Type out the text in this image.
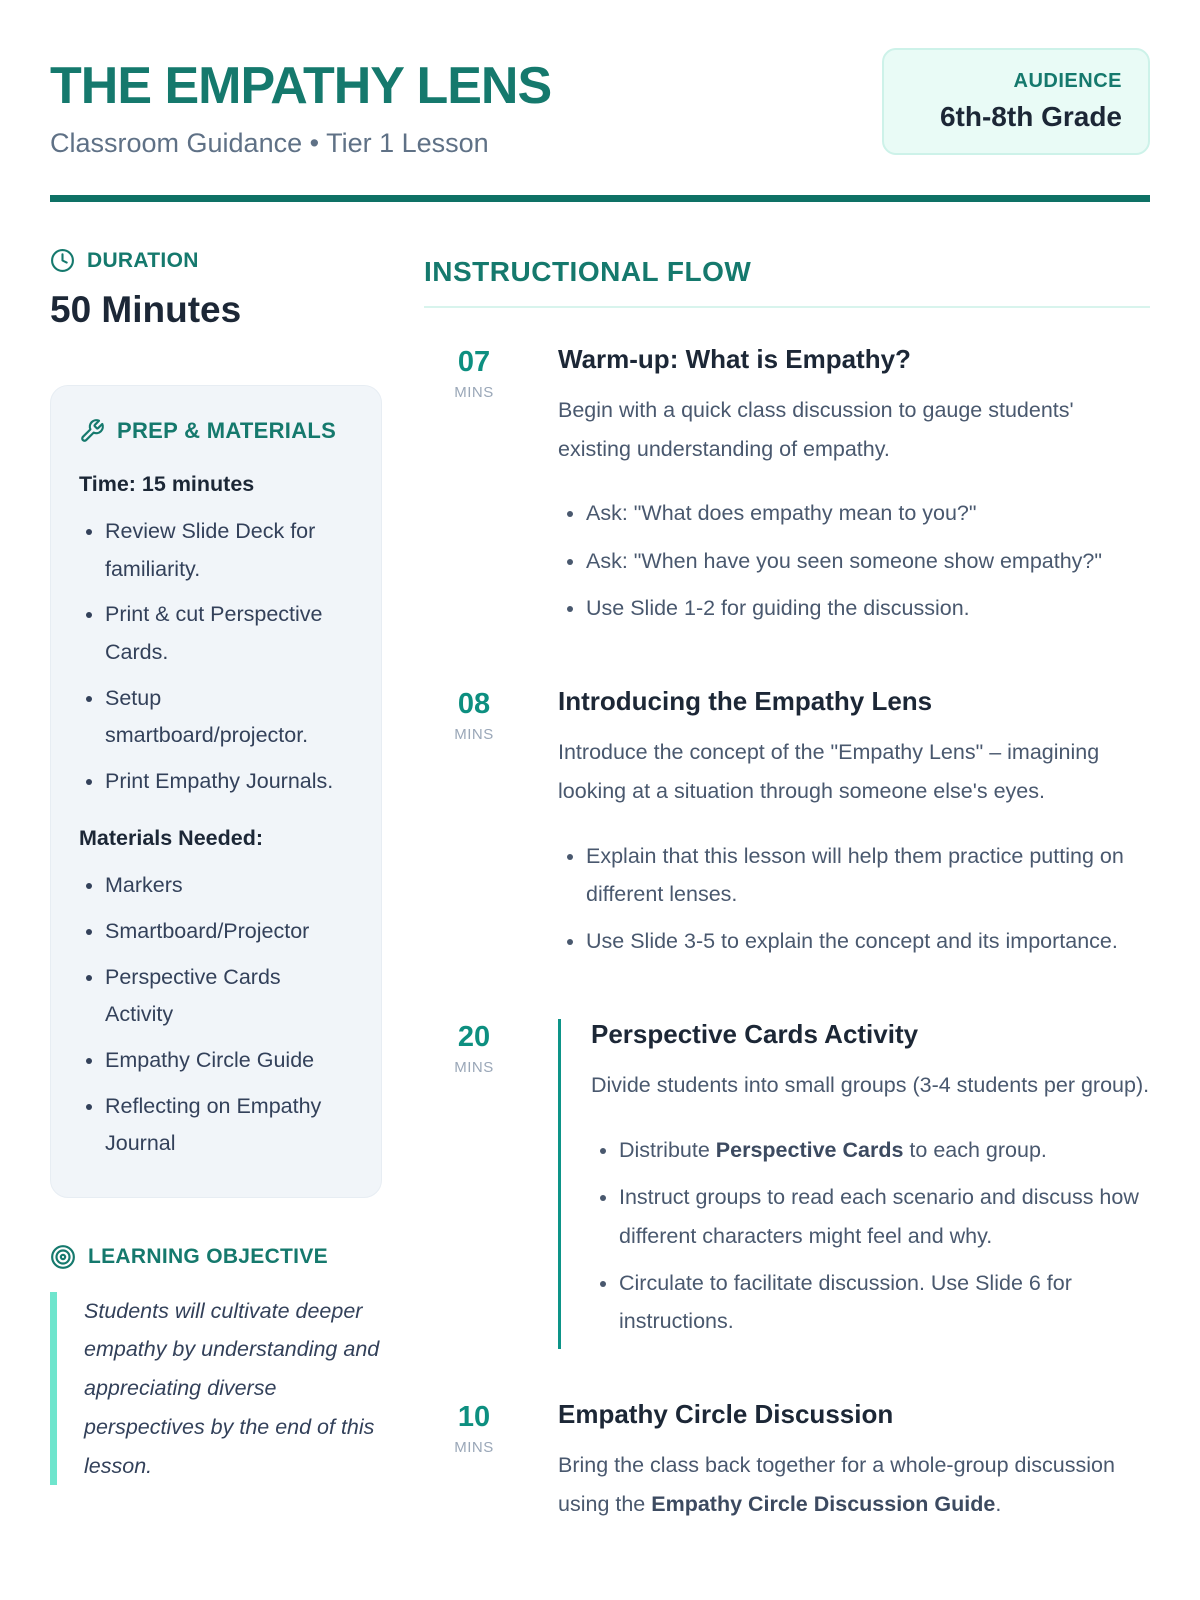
THE EMPATHY LENS
Classroom Guidance • Tier 1 Lesson
AUDIENCE
6th-8th Grade
DURATION
50 Minutes
PREP & MATERIALS
Time: 15 minutes
• Review Slide Deck for familiarity.
• Print & cut Perspective Cards.
• Setup smartboard/projector.
• Print Empathy Journals.
Materials Needed:
• Markers
• Smartboard/Projector
• Perspective Cards Activity
• Empathy Circle Guide
• Reflecting on Empathy Journal
LEARNING OBJECTIVE
Students will cultivate deeper empathy by understanding and appreciating diverse perspectives by the end of this lesson.
INSTRUCTIONAL FLOW
07
MINS
Warm-up: What is Empathy?

Begin with a quick class discussion to gauge students' existing understanding of empathy.

• Ask: "What does empathy mean to you?"
• Ask: "When have you seen someone show empathy?"
• Use Slide 1-2 for guiding the discussion.
08
MINS
Introducing the Empathy Lens

Introduce the concept of the "Empathy Lens" – imagining looking at a situation through someone else's eyes.

• Explain that this lesson will help them practice putting on different lenses.
• Use Slide 3-5 to explain the concept and its importance.
20
MINS
Perspective Cards Activity

Divide students into small groups (3-4 students per group).

• Distribute Perspective Cards to each group.
• Instruct groups to read each scenario and discuss how different characters might feel and why.
• Circulate to facilitate discussion. Use Slide 6 for instructions.
10
MINS
Empathy Circle Discussion

Bring the class back together for a whole-group discussion using the Empathy Circle Discussion Guide.
